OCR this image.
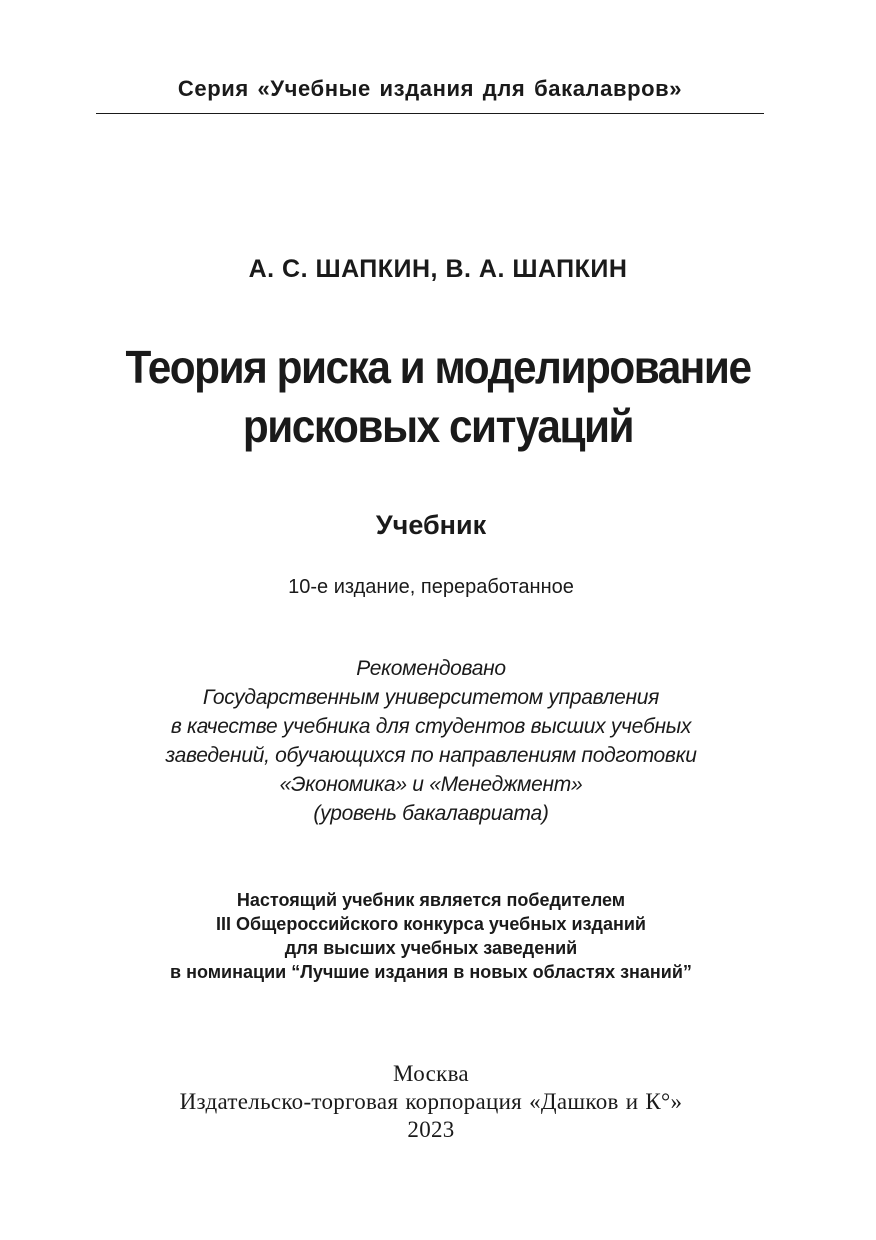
Серия «Учебные издания для бакалавров»
А. С. ШАПКИН, В. А. ШАПКИН
Теория риска и моделирование
рисковых ситуаций
Учебник
10-е издание, переработанное
Рекомендовано
Государственным университетом управления
в качестве учебника для студентов высших учебных
заведений, обучающихся по направлениям подготовки
«Экономика» и «Менеджмент»
(уровень бакалавриата)
Настоящий учебник является победителем
III Общероссийского конкурса учебных изданий
для высших учебных заведений
в номинации “Лучшие издания в новых областях знаний”
Москва
Издательско-торговая корпорация «Дашков и К°»
2023
